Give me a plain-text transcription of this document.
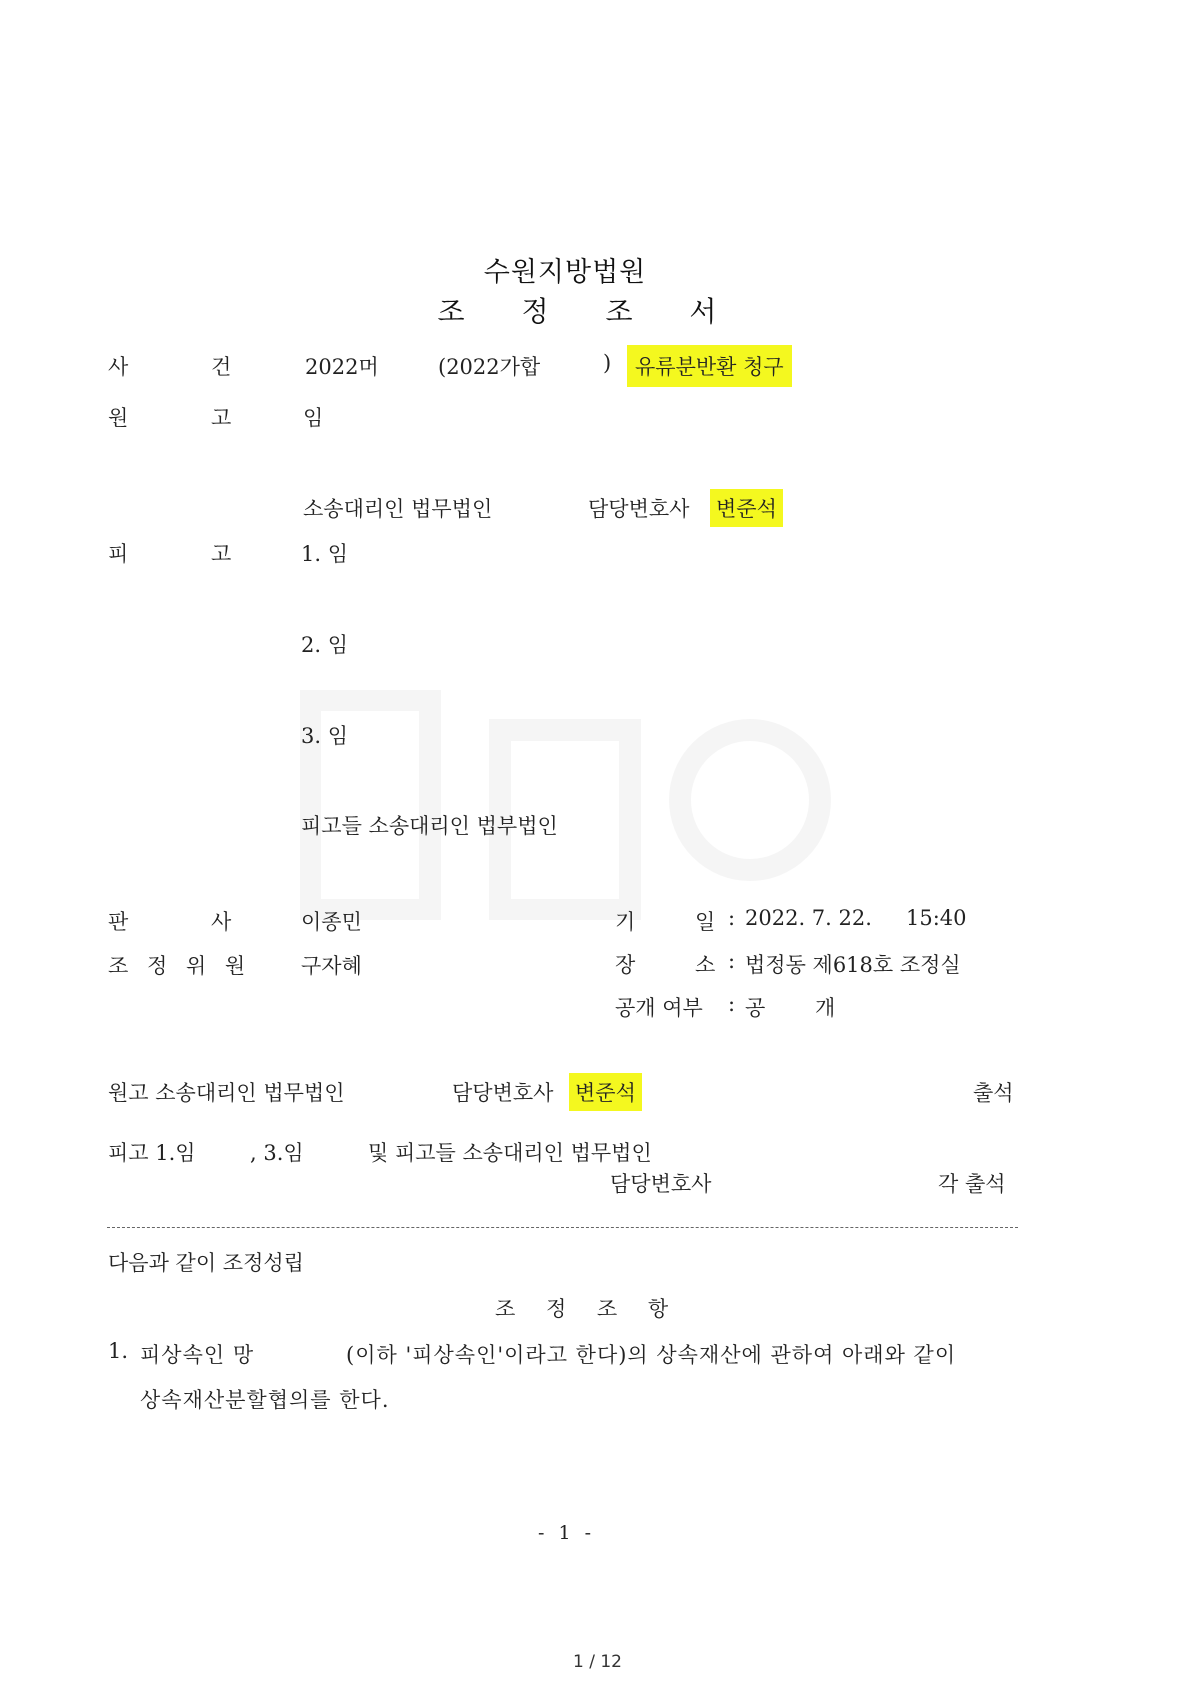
수원지방법원
조 정 조 서
사	건	2022머	(2022가합	)	유류분반환 청구
원	고	임
소송대리인 법무법인	담당변호사 변준석
피	고	1. 임
2. 임
3. 임
피고들 소송대리인 법부법인
판	사	이종민
조 정 위 원 구자혜
기	일 : 2022. 7. 22. 15:40
장	소 : 법정동 제618호 조정실
공개 여부 : 공 개
원고 소송대리인 법무법인	담당변호사 변준석	출석
피고 1.임	, 3.임	및 피고들 소송대리인 법무법인
담당변호사	각 출석
다음과 같이 조정성립
조 정 조 항
1. 피상속인 망	(이하 '피상속인'이라고 한다)의 상속재산에 관하여 아래와 같이
상속재산분할협의를 한다.
- 1 -
1 / 12
